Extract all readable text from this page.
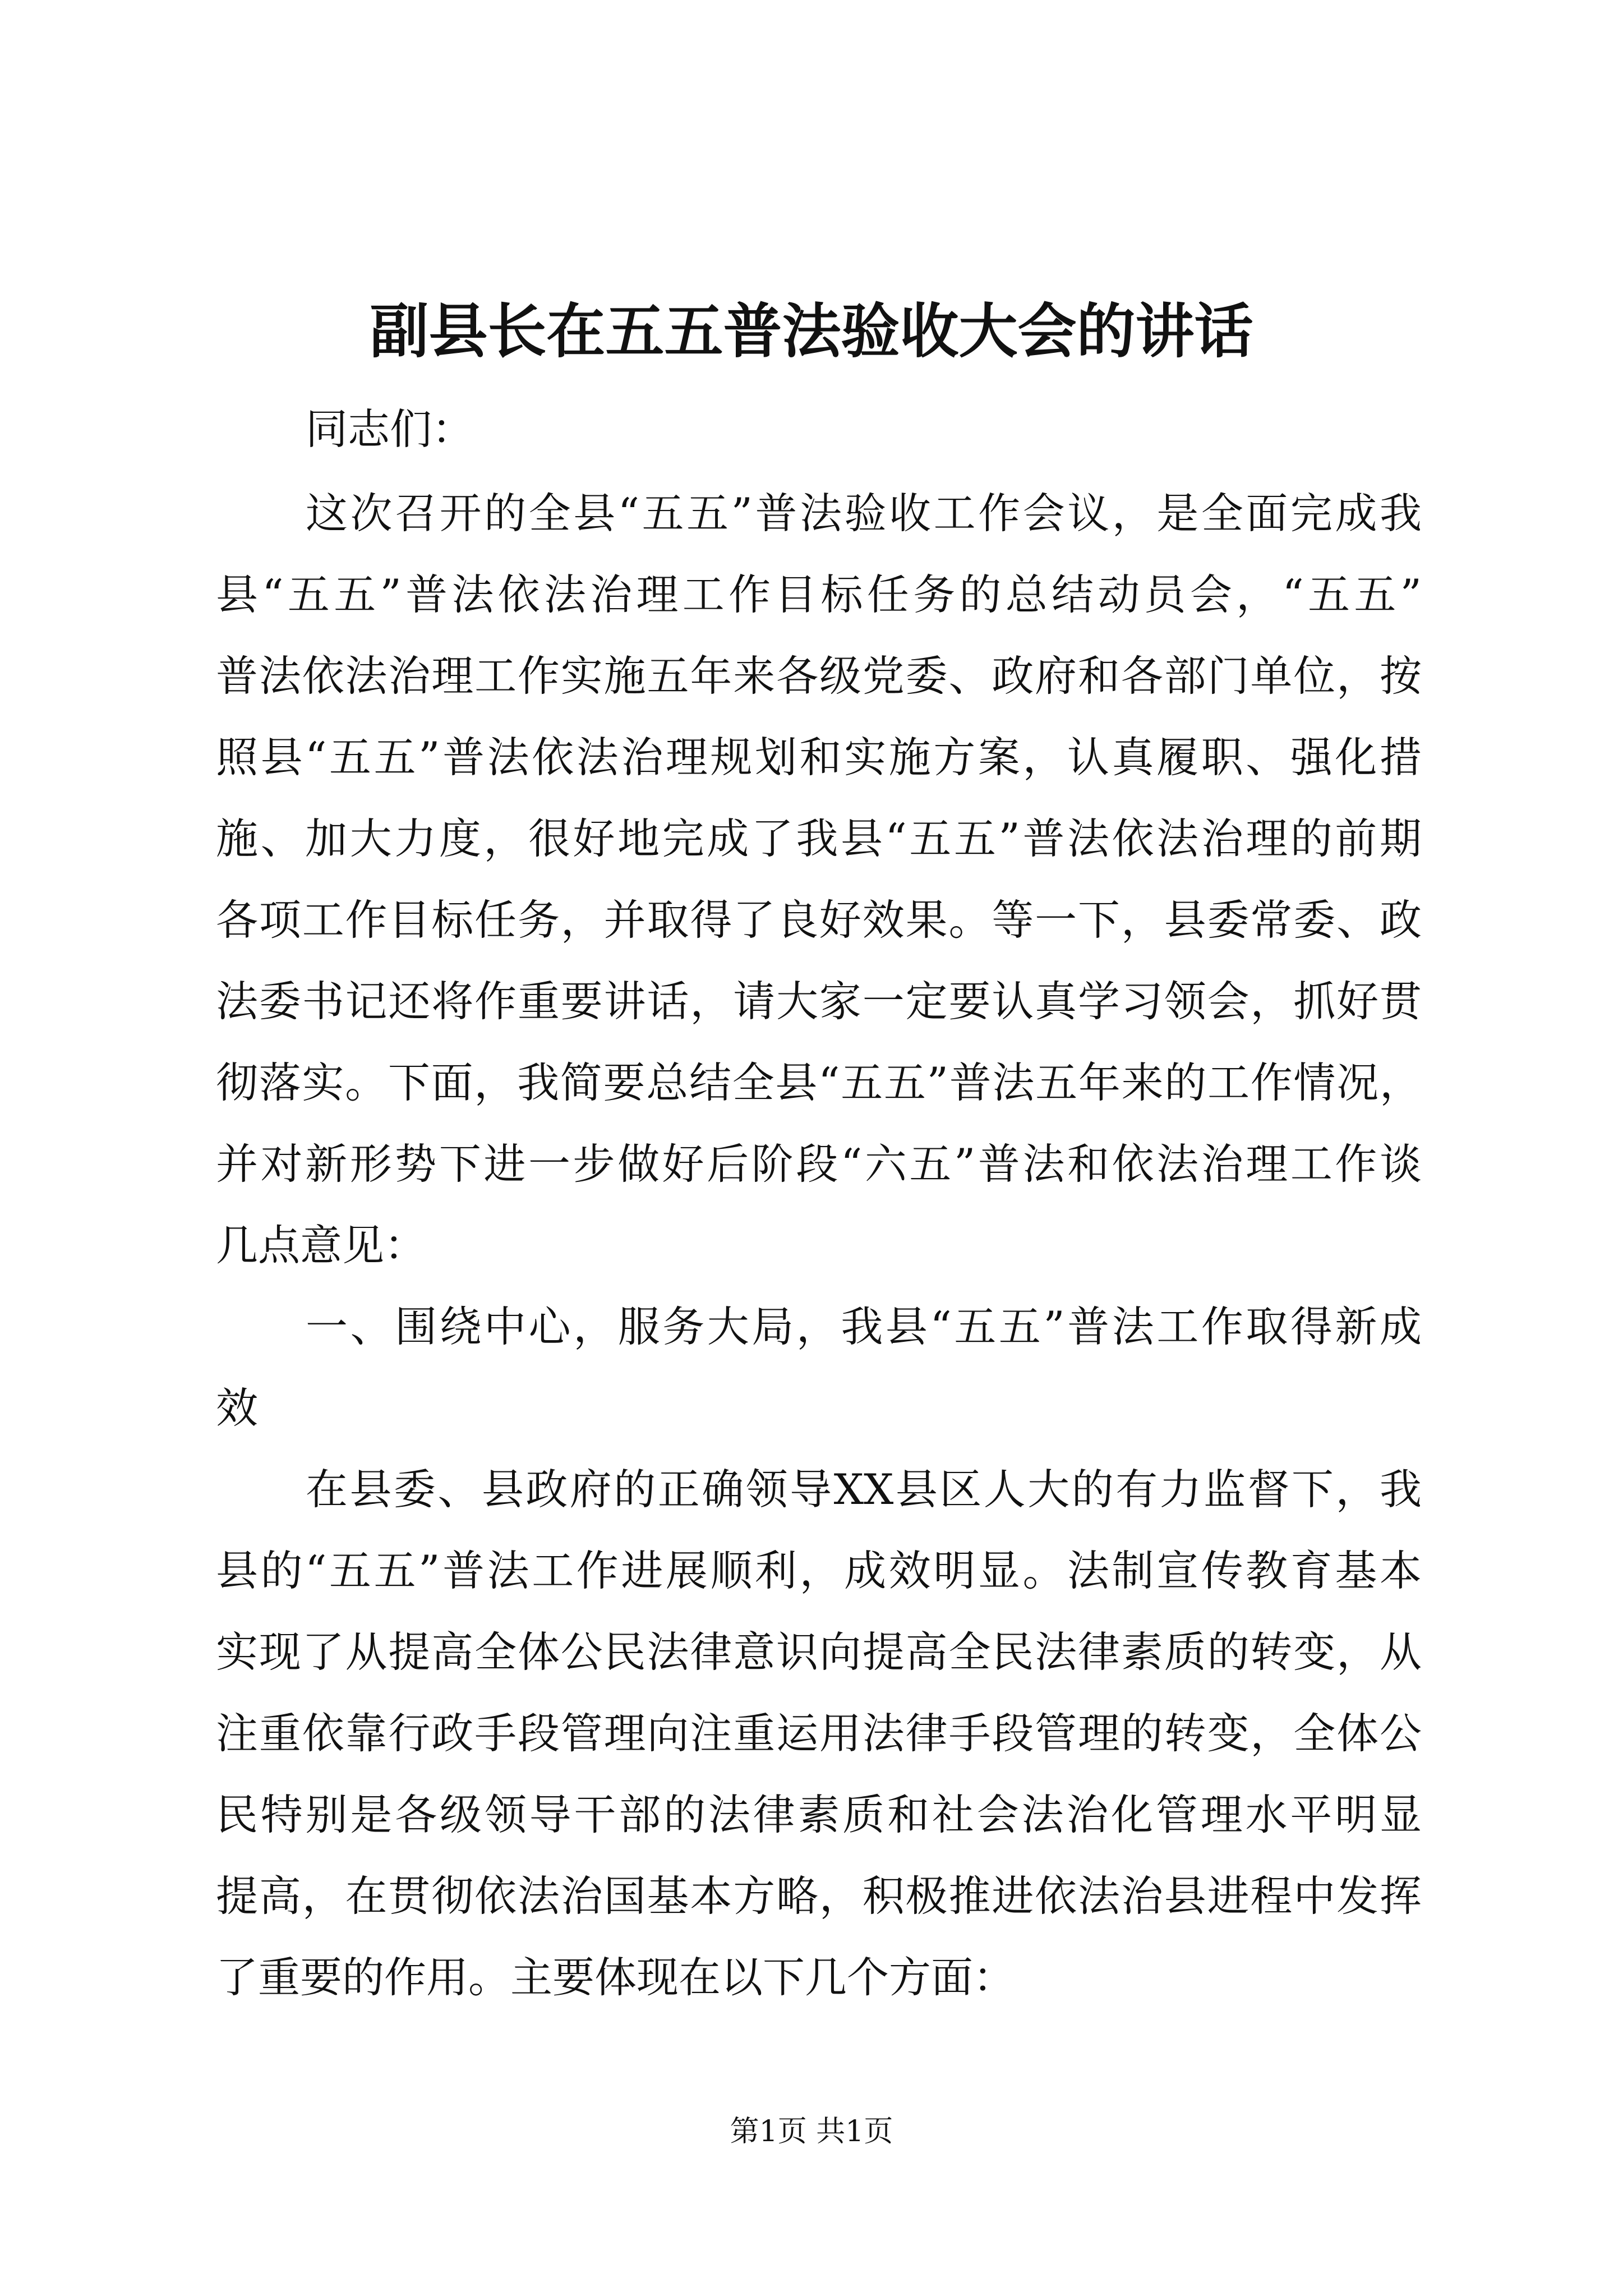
副县长在五五普法验收大会的讲话

同志们：

这次召开的全县“五五”普法验收工作会议，是全面完成我

县“五五”普法依法治理工作目标任务的总结动员会，“五五”

普法依法治理工作实施五年来各级党委、政府和各部门单位，按

照县“五五”普法依法治理规划和实施方案，认真履职、强化措

施、加大力度，很好地完成了我县“五五”普法依法治理的前期

各项工作目标任务，并取得了良好效果。等一下，县委常委、政

法委书记还将作重要讲话，请大家一定要认真学习领会，抓好贯

彻落实。下面，我简要总结全县“五五”普法五年来的工作情况，

并对新形势下进一步做好后阶段“六五”普法和依法治理工作谈

几点意见：

一、围绕中心，服务大局，我县“五五”普法工作取得新成

效

在县委、县政府的正确领导XX县区人大的有力监督下，我

县的“五五”普法工作进展顺利，成效明显。法制宣传教育基本

实现了从提高全体公民法律意识向提高全民法律素质的转变，从

注重依靠行政手段管理向注重运用法律手段管理的转变，全体公

民特别是各级领导干部的法律素质和社会法治化管理水平明显

提高，在贯彻依法治国基本方略，积极推进依法治县进程中发挥

了重要的作用。主要体现在以下几个方面：

第1页 共1页
